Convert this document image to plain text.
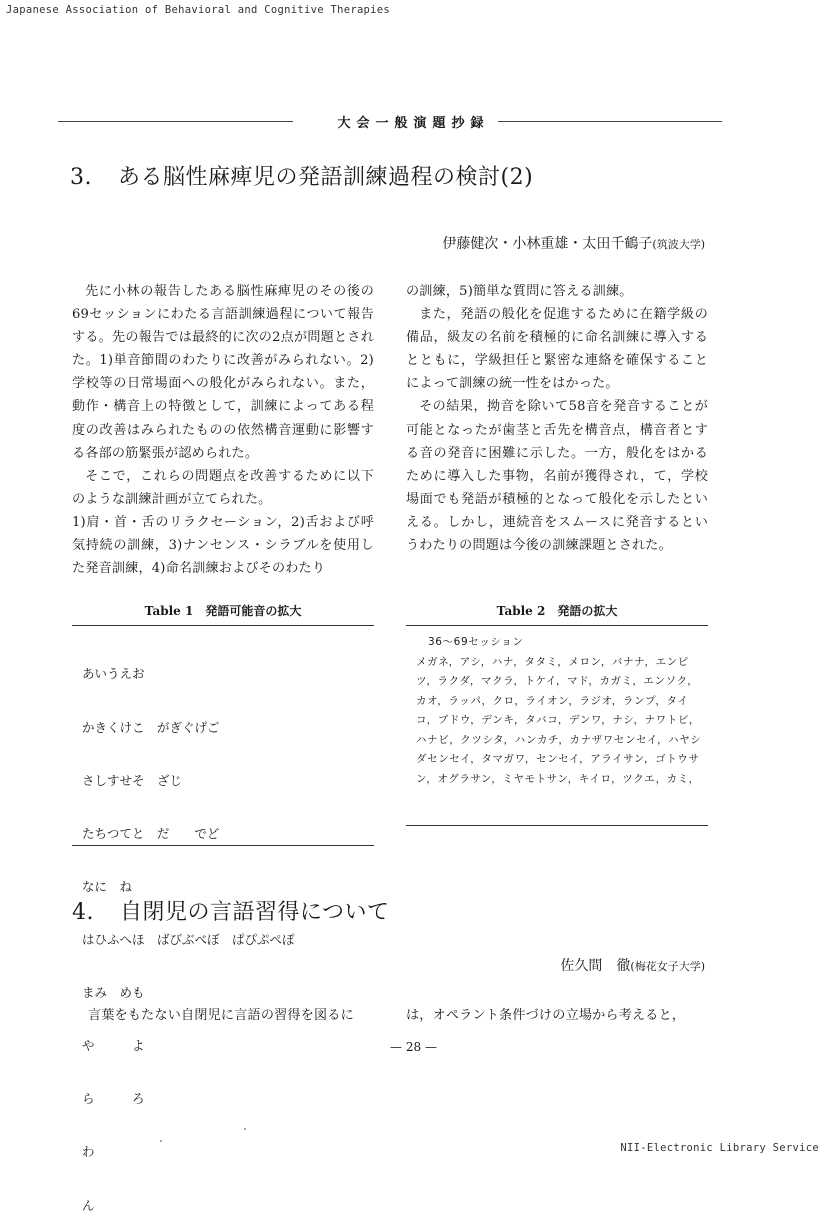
Japanese Association of Behavioral and Cognitive Therapies
大会一般演題抄録
3. ある脳性麻痺児の発語訓練過程の検討(2)
伊藤健次・小林重雄・太田千鶴子(筑波大学)

先に小林の報告したある脳性麻痺児のその後の69セッションにわたる言語訓練過程について報告する。先の報告では最終的に次の2点が問題とされた。1)単音節間のわたりに改善がみられない。2)学校等の日常場面への般化がみられない。また，動作・構音上の特徴として，訓練によってある程度の改善はみられたものの依然構音運動に影響する各部の筋緊張が認められた。

そこで，これらの問題点を改善するために以下のような訓練計画が立てられた。

1)肩・首・舌のリラクセーション，2)舌および呼気持続の訓練，3)ナンセンス・シラブルを使用した発音訓練，4)命名訓練およびそのわたり

の訓練，5)簡単な質問に答える訓練。

また，発語の般化を促進するために在籍学級の備品，級友の名前を積極的に命名訓練に導入するとともに，学級担任と緊密な連絡を確保することによって訓練の統一性をはかった。

その結果，拗音を除いて58音を発音することが可能となったが歯茎と舌先を構音点，構音者とする音の発音に困難に示した。一方，般化をはかるために導入した事物，名前が獲得され，て，学校場面でも発語が積極的となって般化を示したといえる。しかし，連続音をスムースに発音するというわたりの問題は今後の訓練課題とされた。

Table 1　発語可能音の拡大

あいうえお

かきくけこ　がぎぐげご

さしすせそ　ざじ

たちつてと　だ　　でど

なに　ね

はひふへほ　ばびぶべぼ　ぱぴぷぺぽ

まみ　めも

や　　　よ

ら　　　ろ

わ

ん

Table 2　発語の拡大
36〜69セッション
メガネ，アシ，ハナ，タタミ，メロン，バナナ，エンピツ，ラクダ，マクラ，トケイ，マド，カガミ，エンソク，カオ，ラッパ，クロ，ライオン，ラジオ，ランプ，タイコ，ブドウ，デンキ，タバコ，デンワ，ナシ，ナワトビ，ハナビ，クツシタ，ハンカチ，カナザワセンセイ，ハヤシダセンセイ，タマガワ，センセイ，アライサン，ゴトウサン，オグラサン，ミヤモトサン，キイロ，ツクエ，カミ，
4. 自閉児の言語習得について
佐久間　徹(梅花女子大学)
言葉をもたない自閉児に言語の習得を図るに	は，オペラント条件づけの立場から考えると，
— 28 —
NII-Electronic Library Service
